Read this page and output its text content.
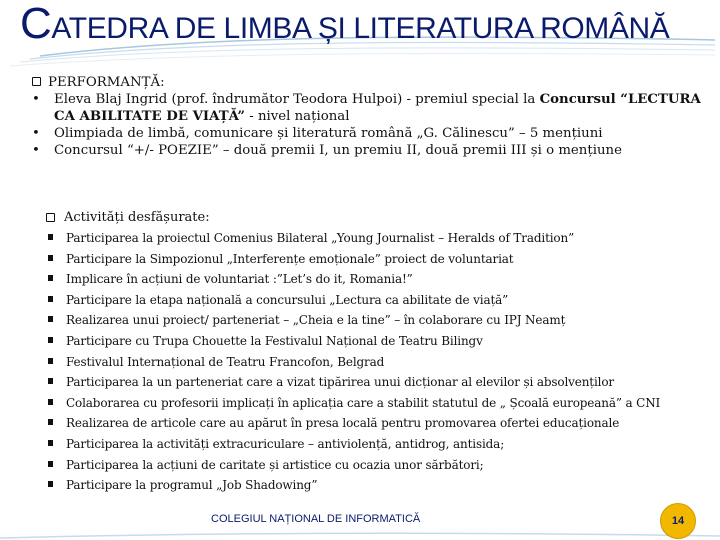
CATEDRA DE LIMBA ȘI LITERATURA ROMÂNĂ
PERFORMANȚĂ:
• Eleva Blaj Ingrid (prof. îndrumător Teodora Hulpoi) - premiul special la Concursul “LECTURA CA ABILITATE DE VIAȚĂ” - nivel național
• Olimpiada de limbă, comunicare și literatură română „G. Călinescu” – 5 mențiuni
• Concursul “+/- POEZIE” – două premii I, un premiu II, două premii III și o mențiune
Activități desfășurate:
Participarea la proiectul Comenius Bilateral „Young Journalist – Heralds of Tradition”
Participare la Simpozionul „Interferențe emoționale” proiect de voluntariat
Implicare în acțiuni de voluntariat :”Let’s do it, Romania!”
Participare la etapa națională a concursului „Lectura ca abilitate de viață”
Realizarea unui proiect/ parteneriat – „Cheia e la tine” – în colaborare cu IPJ Neamț
Participare cu Trupa Chouette la Festivalul Național de Teatru Bilingv
Festivalul Internațional de Teatru Francofon, Belgrad
Participarea la un parteneriat care a vizat tipărirea unui dicționar al elevilor și absolvenților
Colaborarea cu profesorii implicați în aplicația care a stabilit statutul de „ Școală europeană” a CNI
Realizarea de articole care au apărut în presa locală pentru promovarea ofertei educaționale
Participarea la activități extracuriculare – antiviolență, antidrog, antisida;
Participarea la acțiuni de caritate și artistice cu ocazia unor sărbători;
Participare la programul „Job Shadowing”
COLEGIUL NAȚIONAL DE INFORMATICĂ	14
